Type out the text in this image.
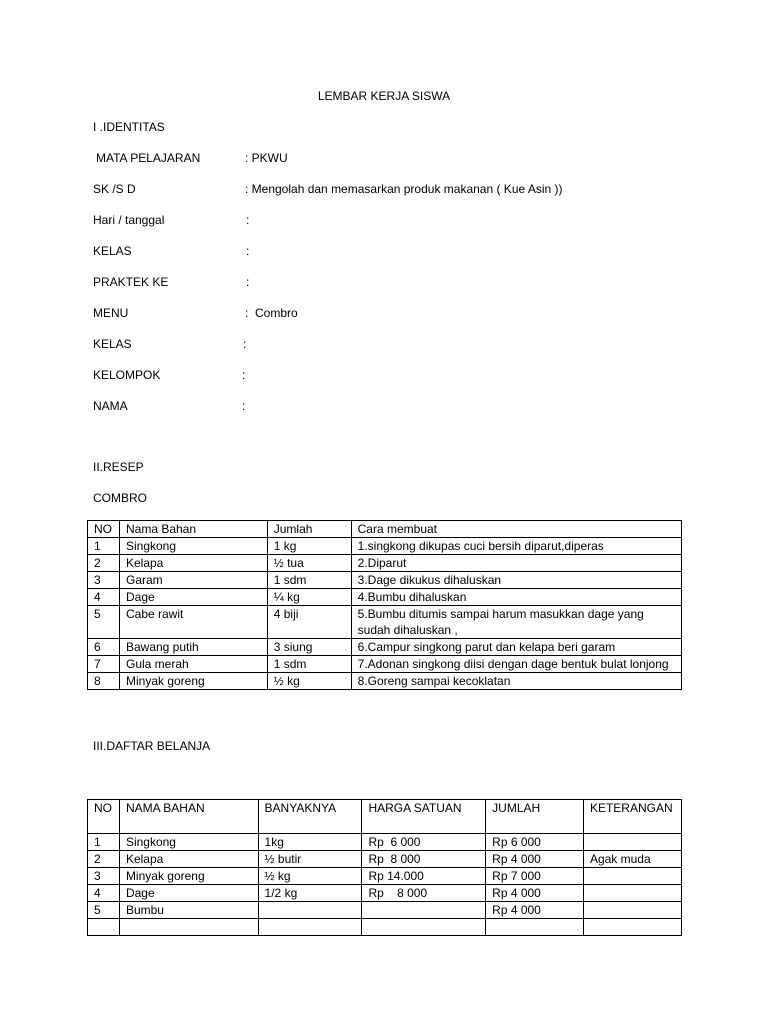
LEMBAR KERJA SISWA
I .IDENTITAS
MATA PELAJARAN	: PKWU
SK /S D	: Mengolah dan memasarkan produk makanan ( Kue Asin ))
Hari / tanggal	:
KELAS	:
PRAKTEK KE	:
MENU	:  Combro
KELAS	:
KELOMPOK	:
NAMA	:
II.RESEP
COMBRO
NO	Nama Bahan	Jumlah	Cara membuat
1	Singkong	1 kg	1.singkong dikupas cuci bersih diparut,diperas
2	Kelapa	½ tua	2.Diparut
3	Garam	1 sdm	3.Dage dikukus dihaluskan
4	Dage	¼ kg	4.Bumbu dihaluskan
5	Cabe rawit	4 biji	5.Bumbu ditumis sampai harum masukkan dage yang sudah dihaluskan ,
6	Bawang putih	3 siung	6.Campur singkong parut dan kelapa beri garam
7	Gula merah	1 sdm	7.Adonan singkong diisi dengan dage bentuk bulat lonjong
8	Minyak goreng	½ kg	8.Goreng sampai kecoklatan
III.DAFTAR BELANJA
NO	NAMA BAHAN	BANYAKNYA	HARGA SATUAN	JUMLAH	KETERANGAN
1	Singkong	1kg	Rp  6 000	Rp 6 000	
2	Kelapa	½ butir	Rp  8 000	Rp 4 000	Agak muda
3	Minyak goreng	½ kg	Rp 14.000	Rp 7 000	
4	Dage	1/2 kg	Rp    8 000	Rp 4 000	
5	Bumbu			Rp 4 000	
